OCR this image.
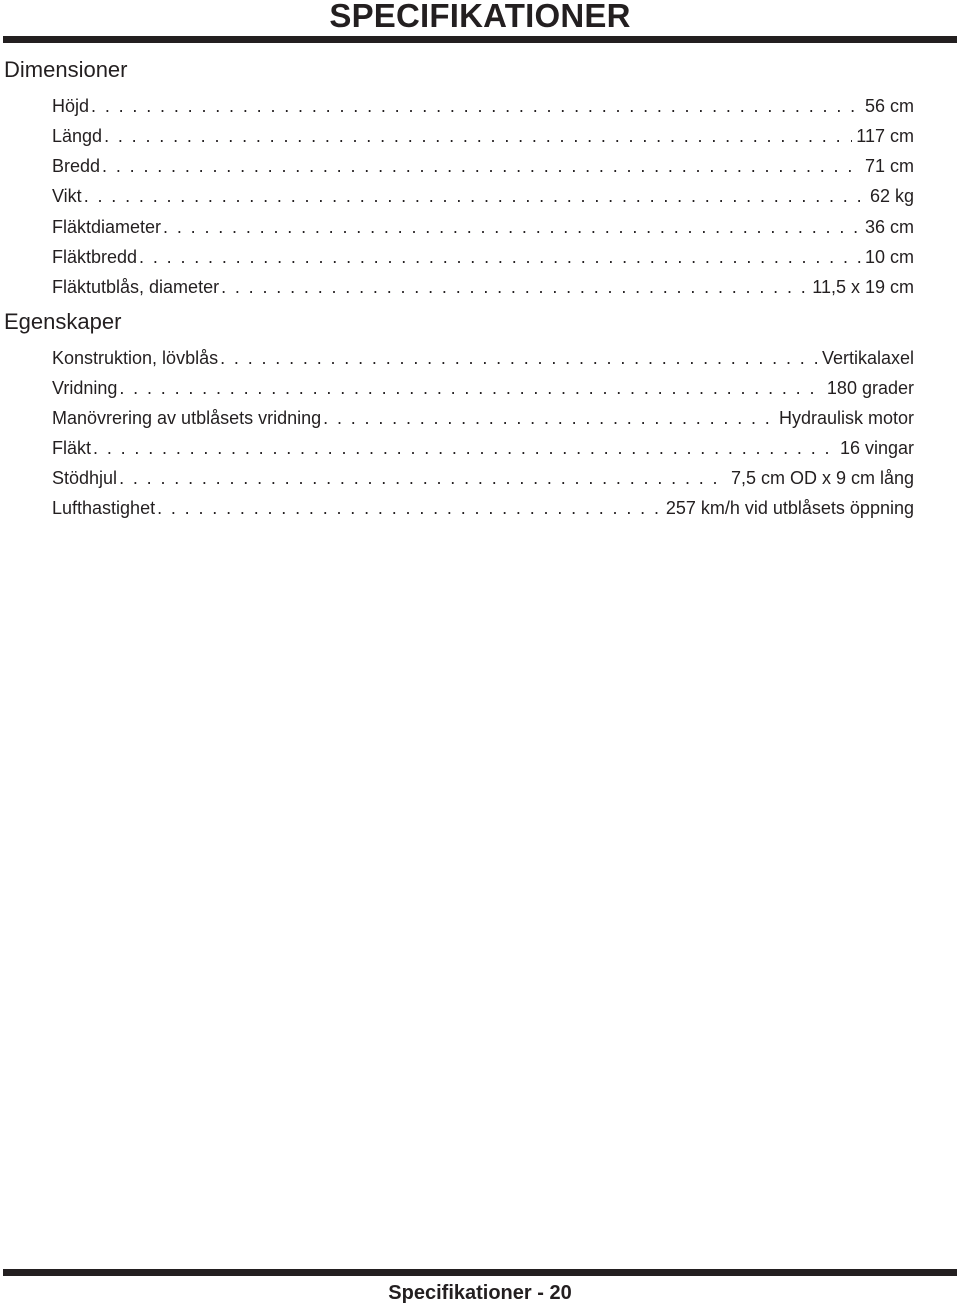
SPECIFIKATIONER
Dimensioner
Höjd . . .	56 cm
Längd . . .	117 cm
Bredd . . .	71 cm
Vikt . . .	62 kg
Fläktdiameter . . .	36 cm
Fläktbredd . . .	10 cm
Fläktutblås, diameter . . .	11,5 x 19 cm
Egenskaper
Konstruktion, lövblås . . .	Vertikalaxel
Vridning . . .	180 grader
Manövrering av utblåsets vridning . . .	Hydraulisk motor
Fläkt . . .	16 vingar
Stödhjul . . .	7,5 cm OD x 9 cm lång
Lufthastighet . . .	257 km/h vid utblåsets öppning
Specifikationer - 20
